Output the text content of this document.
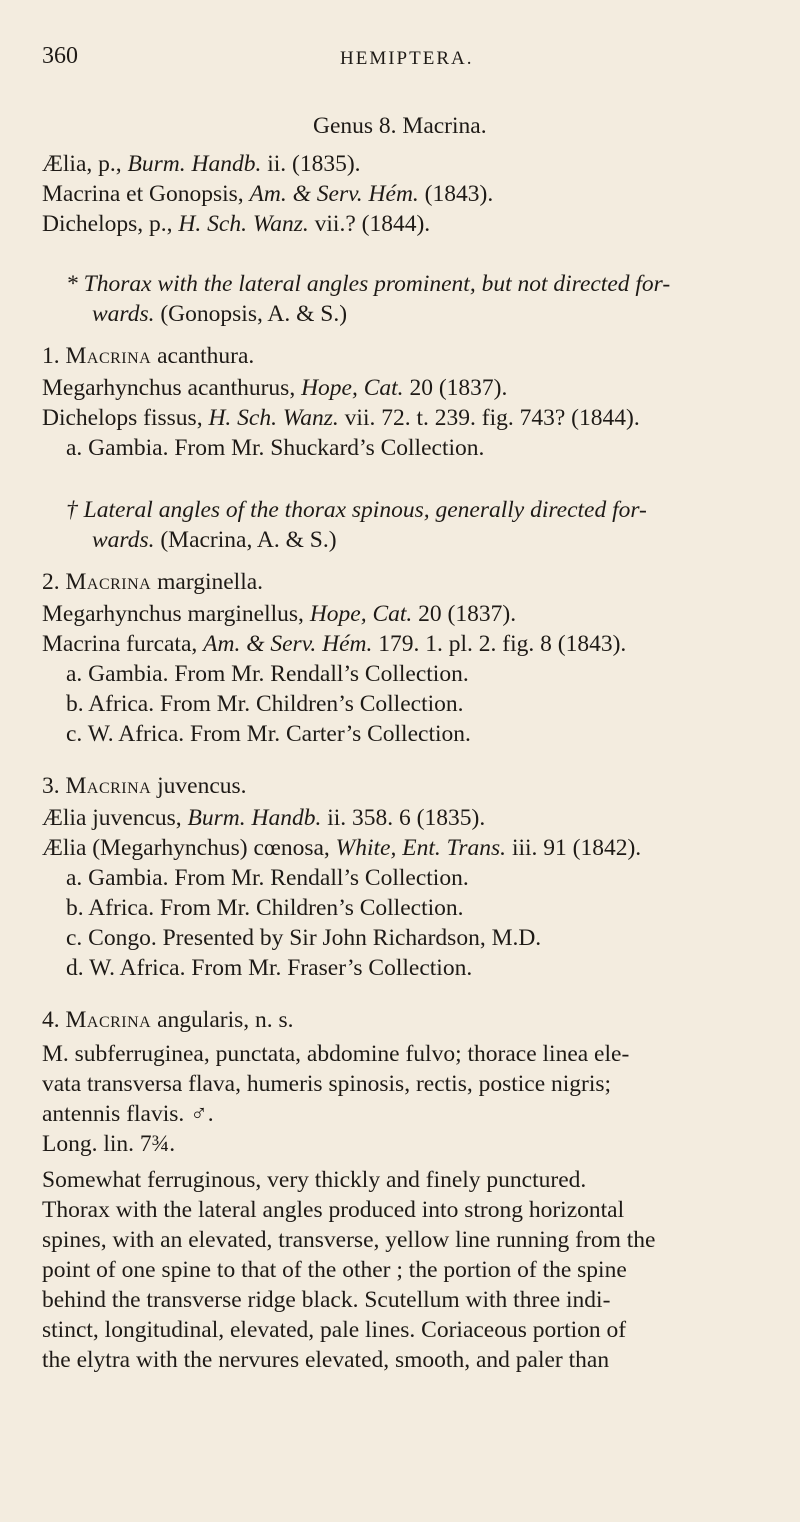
360	HEMIPTERA.
Genus 8. Macrina.
Ælia, p., Burm. Handb. ii. (1835).
Macrina et Gonopsis, Am. & Serv. Hém. (1843).
Dichelops, p., H. Sch. Wanz. vii.? (1844).
* Thorax with the lateral angles prominent, but not directed for-
wards. (Gonopsis, A. & S.)
1. Macrina acanthura.
Megarhynchus acanthurus, Hope, Cat. 20 (1837).
Dichelops fissus, H. Sch. Wanz. vii. 72. t. 239. fig. 743? (1844).
a. Gambia. From Mr. Shuckard’s Collection.
† Lateral angles of the thorax spinous, generally directed for-
wards. (Macrina, A. & S.)
2. Macrina marginella.
Megarhynchus marginellus, Hope, Cat. 20 (1837).
Macrina furcata, Am. & Serv. Hém. 179. 1. pl. 2. fig. 8 (1843).
a. Gambia. From Mr. Rendall’s Collection.
b. Africa. From Mr. Children’s Collection.
c. W. Africa. From Mr. Carter’s Collection.
3. Macrina juvencus.
Ælia juvencus, Burm. Handb. ii. 358. 6 (1835).
Ælia (Megarhynchus) cœnosa, White, Ent. Trans. iii. 91 (1842).
a. Gambia. From Mr. Rendall’s Collection.
b. Africa. From Mr. Children’s Collection.
c. Congo. Presented by Sir John Richardson, M.D.
d. W. Africa. From Mr. Fraser’s Collection.
4. Macrina angularis, n. s.
M. subferruginea, punctata, abdomine fulvo; thorace linea ele-
vata transversa flava, humeris spinosis, rectis, postice nigris;
antennis flavis. ♂.
Long. lin. 7¾.
Somewhat ferruginous, very thickly and finely punctured.
Thorax with the lateral angles produced into strong horizontal
spines, with an elevated, transverse, yellow line running from the
point of one spine to that of the other ; the portion of the spine
behind the transverse ridge black. Scutellum with three indi-
stinct, longitudinal, elevated, pale lines. Coriaceous portion of
the elytra with the nervures elevated, smooth, and paler than
